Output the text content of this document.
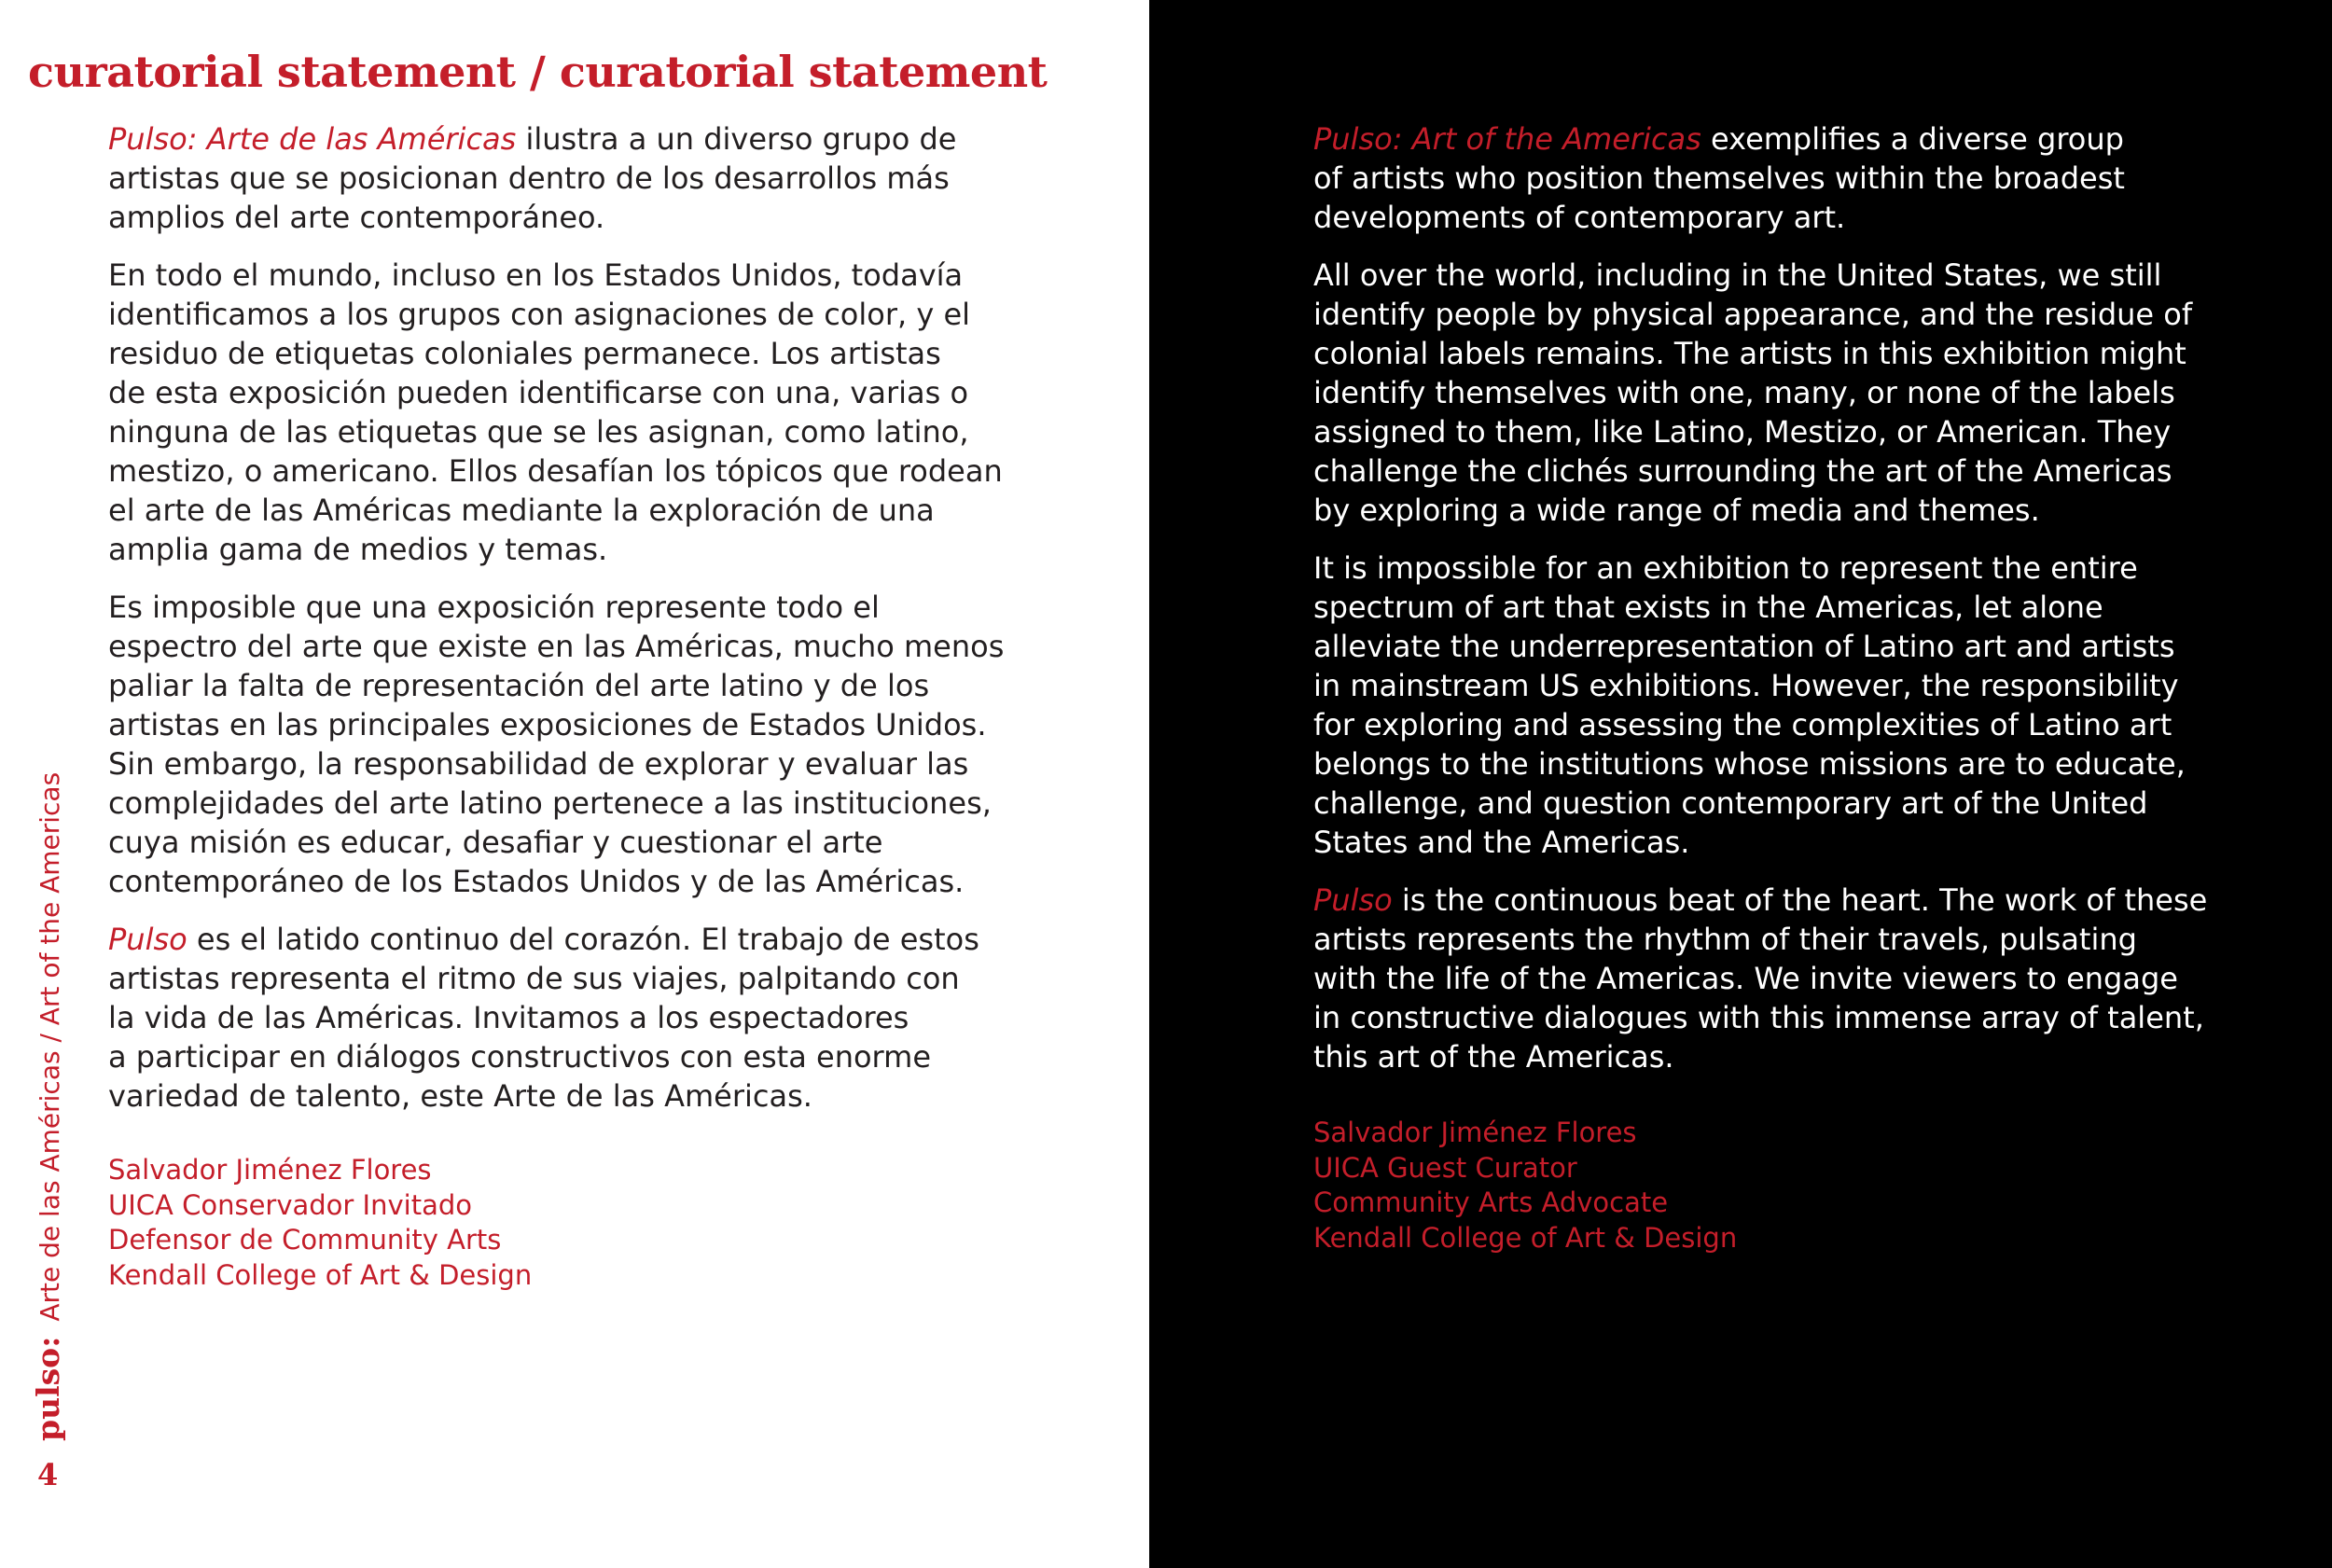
curatorial statement / curatorial statement

Pulso: Arte de las Américas ilustra a un diverso grupo de
artistas que se posicionan dentro de los desarrollos más
amplios del arte contemporáneo.

En todo el mundo, incluso en los Estados Unidos, todavía
identificamos a los grupos con asignaciones de color, y el
residuo de etiquetas coloniales permanece. Los artistas
de esta exposición pueden identificarse con una, varias o
ninguna de las etiquetas que se les asignan, como latino,
mestizo, o americano. Ellos desafían los tópicos que rodean
el arte de las Américas mediante la exploración de una
amplia gama de medios y temas.

Es imposible que una exposición represente todo el
espectro del arte que existe en las Américas, mucho menos
paliar la falta de representación del arte latino y de los
artistas en las principales exposiciones de Estados Unidos.
Sin embargo, la responsabilidad de explorar y evaluar las
complejidades del arte latino pertenece a las instituciones,
cuya misión es educar, desafiar y cuestionar el arte
contemporáneo de los Estados Unidos y de las Américas.

Pulso es el latido continuo del corazón. El trabajo de estos
artistas representa el ritmo de sus viajes, palpitando con
la vida de las Américas. Invitamos a los espectadores
a participar en diálogos constructivos con esta enorme
variedad de talento, este Arte de las Américas.

Salvador Jiménez Flores
UICA Conservador Invitado
Defensor de Community Arts
Kendall College of Art & Design

pulso:Arte de las Américas / Art of the Americas

4

Pulso: Art of the Americas exemplifies a diverse group
of artists who position themselves within the broadest
developments of contemporary art.

All over the world, including in the United States, we still
identify people by physical appearance, and the residue of
colonial labels remains. The artists in this exhibition might
identify themselves with one, many, or none of the labels
assigned to them, like Latino, Mestizo, or American. They
challenge the clichés surrounding the art of the Americas
by exploring a wide range of media and themes.

It is impossible for an exhibition to represent the entire
spectrum of art that exists in the Americas, let alone
alleviate the underrepresentation of Latino art and artists
in mainstream US exhibitions. However, the responsibility
for exploring and assessing the complexities of Latino art
belongs to the institutions whose missions are to educate,
challenge, and question contemporary art of the United
States and the Americas.

Pulso is the continuous beat of the heart. The work of these
artists represents the rhythm of their travels, pulsating
with the life of the Americas. We invite viewers to engage
in constructive dialogues with this immense array of talent,
this art of the Americas.

Salvador Jiménez Flores
UICA Guest Curator
Community Arts Advocate
Kendall College of Art & Design
